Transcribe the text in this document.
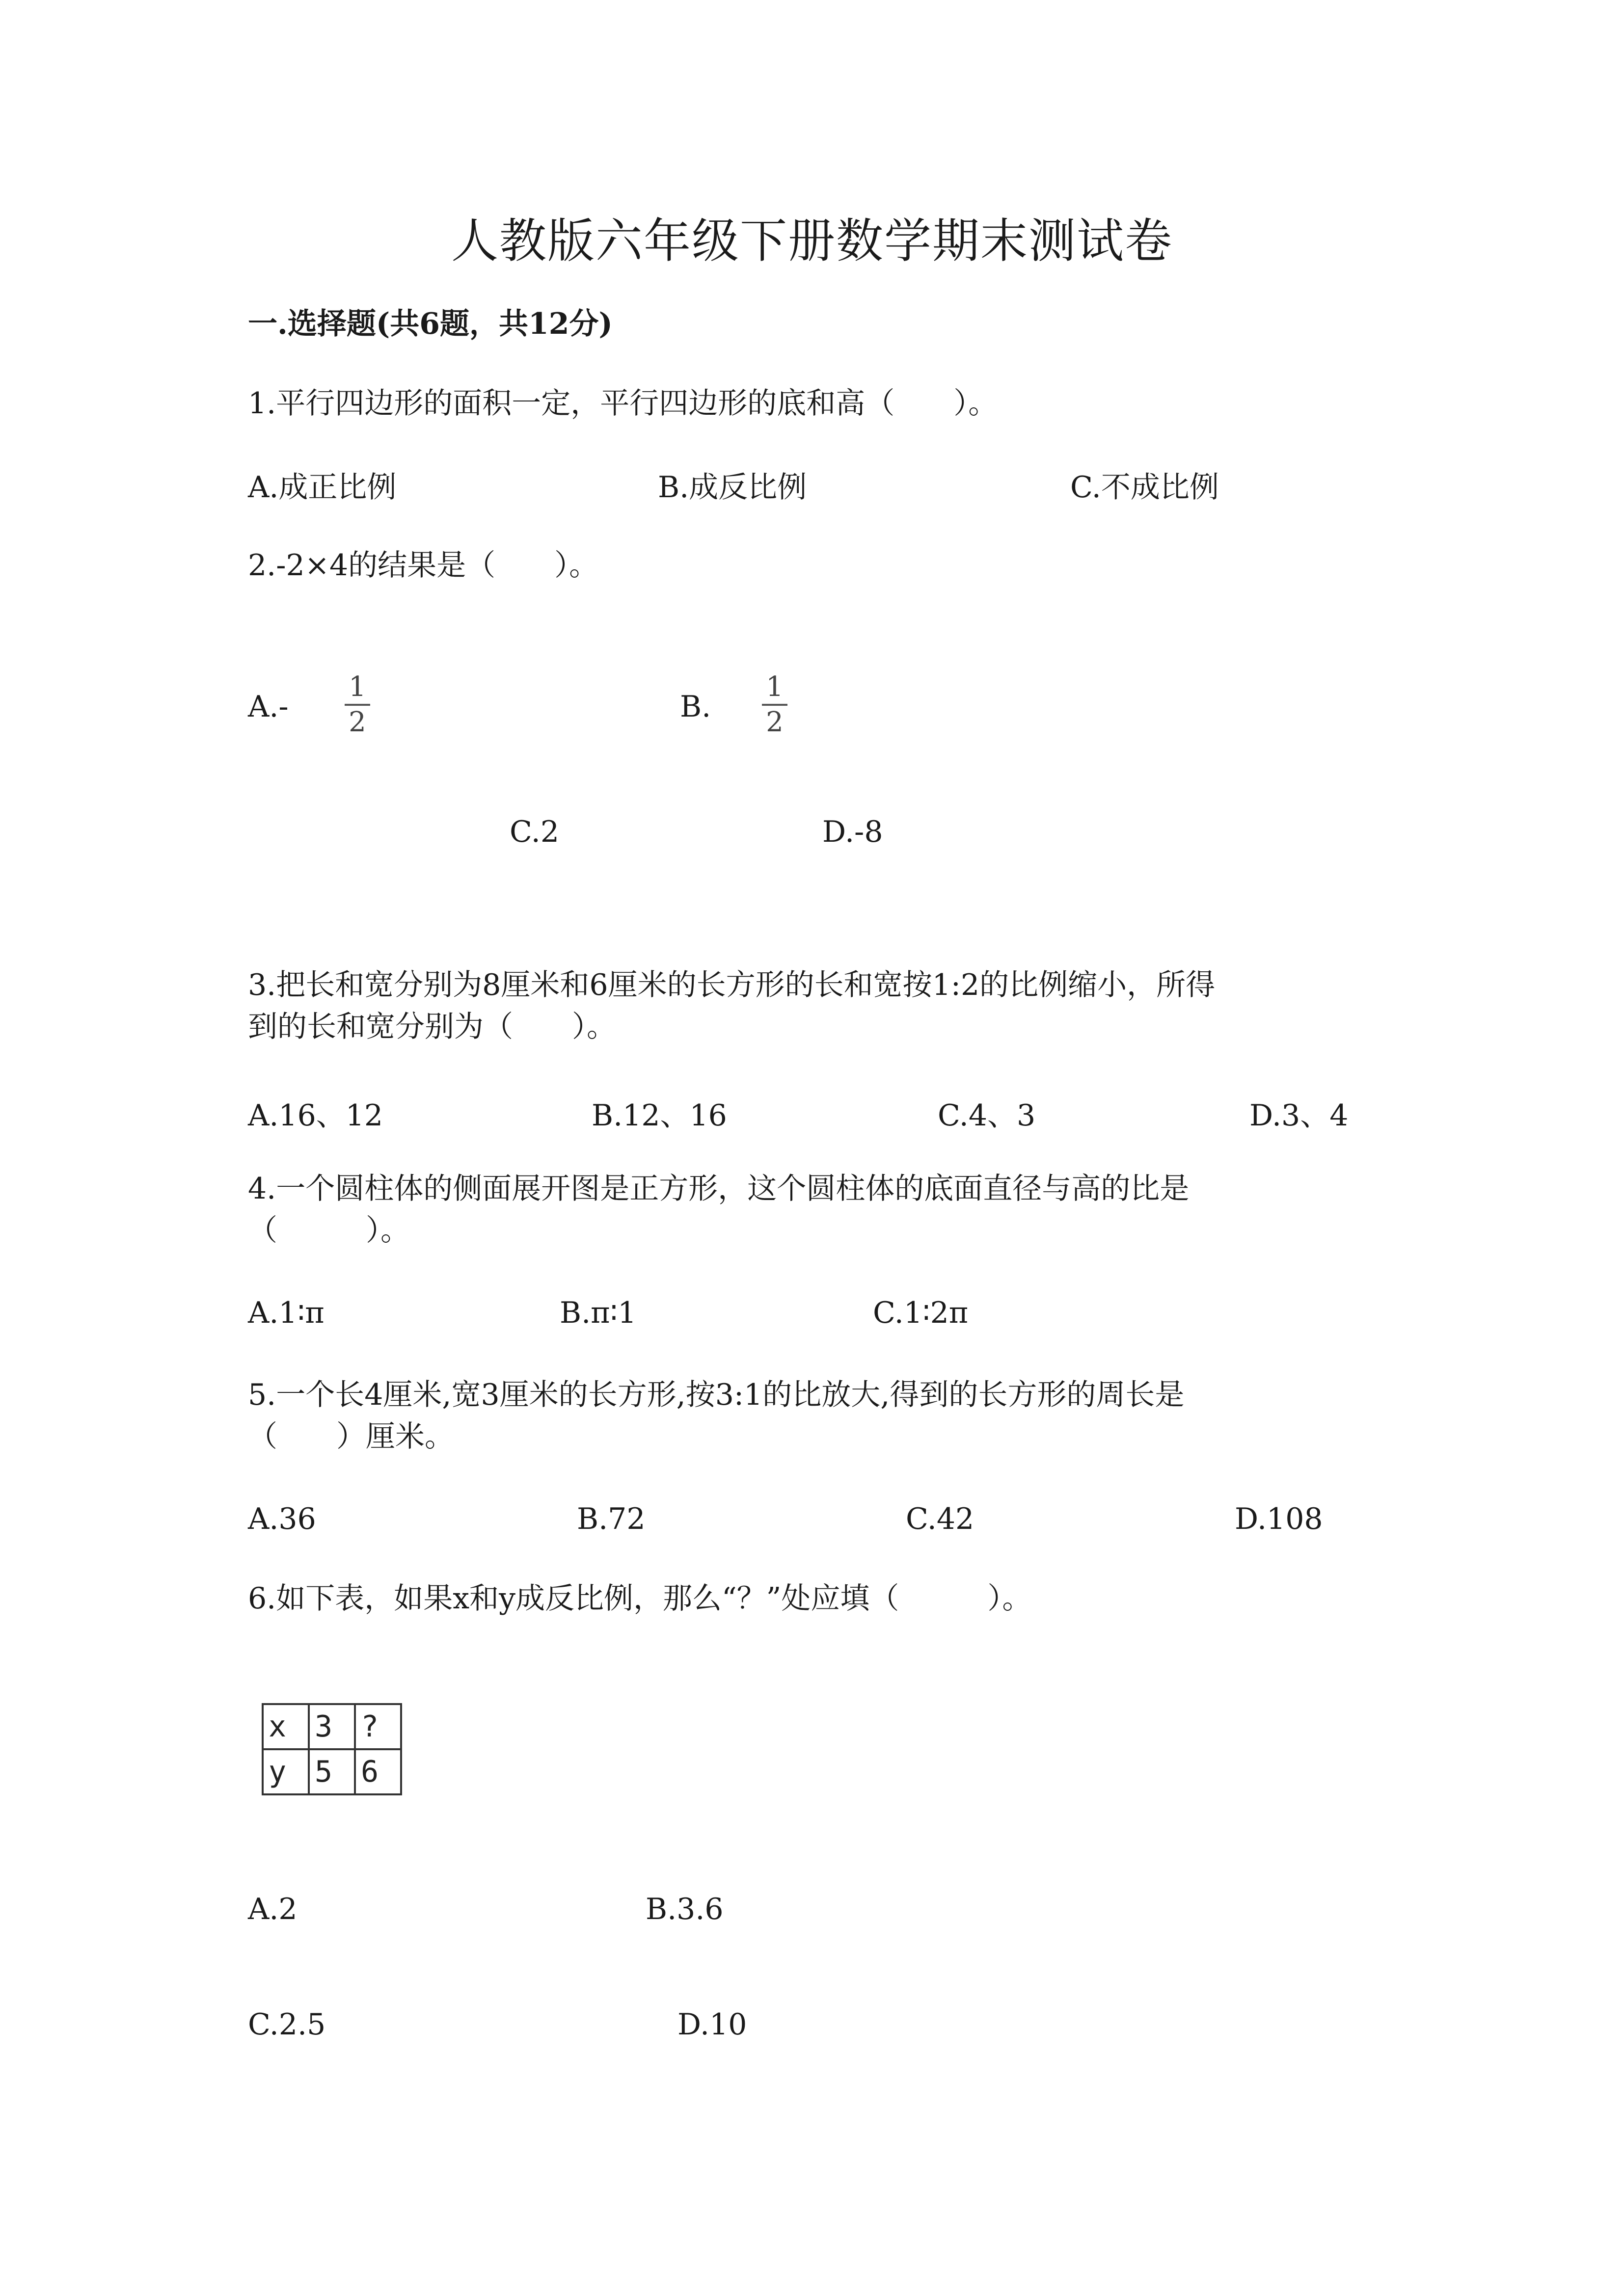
人教版六年级下册数学期末测试卷
一.选择题(共6题，共12分)
1.平行四边形的面积一定，平行四边形的底和高（　　）。
A.成正比例	B.成反比例	C.不成比例
2.-2×4的结果是（　　）。
A.-
1
2	B.
1
2
C.2	D.-8
3.把长和宽分别为8厘米和6厘米的长方形的长和宽按1:2的比例缩小，所得
到的长和宽分别为（　　）。
A.16、12	B.12、16	C.4、3	D.3、4
4.一个圆柱体的侧面展开图是正方形，这个圆柱体的底面直径与高的比是
（　　　）。
A.1∶π	B.π∶1	C.1∶2π
5.一个长4厘米,宽3厘米的长方形,按3:1的比放大,得到的长方形的周长是
（　　）厘米。
A.36	B.72	C.42	D.108
6.如下表，如果x和y成反比例，那么“？”处应填（　　　）。
x	3	?
y	5	6
A.2	B.3.6
C.2.5	D.10
